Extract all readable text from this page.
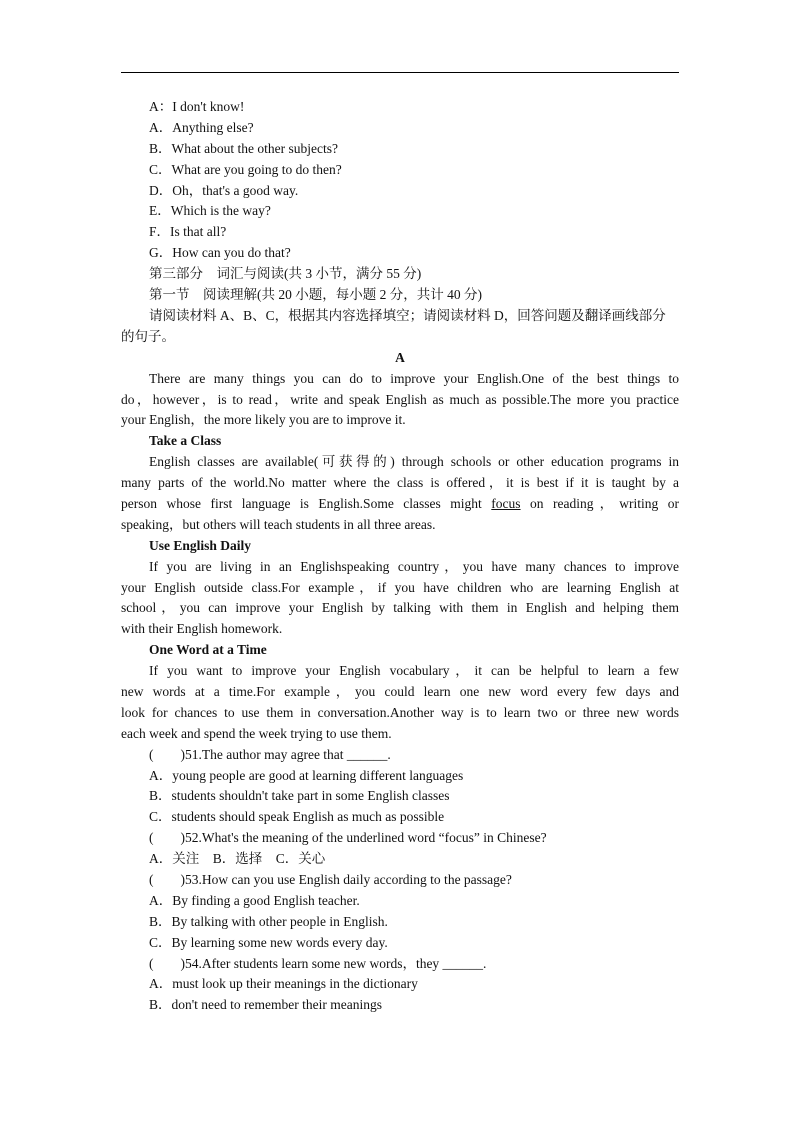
A：I don't know!
A．Anything else?
B．What about the other subjects?
C．What are you going to do then?
D．Oh，that's a good way.
E．Which is the way?
F．Is that all?
G．How can you do that?
第三部分　词汇与阅读(共 3 小节，满分 55 分)
第一节　阅读理解(共 20 小题，每小题 2 分，共计 40 分)
请阅读材料 A、B、C，根据其内容选择填空；请阅读材料 D，回答问题及翻译画线部分的句子。
A
There are many things you can do to improve your English.One of the best things to
do，however，is to read，write and speak English as much as possible.The more you practice
your English，the more likely you are to improve it.
Take a Class
English classes are available(可获得的) through schools or other education programs in
many parts of the world.No matter where the class is offered，it is best if it is taught by a
person whose first language is English.Some classes might focus on reading，writing or
speaking，but others will teach students in all three areas.
Use English Daily
If you are living in an Englishspeaking country，you have many chances to improve
your English outside class.For example，if you have children who are learning English at
school，you can improve your English by talking with them in English and helping them
with their English homework.
One Word at a Time
If you want to improve your English vocabulary，it can be helpful to learn a few
new words at a time.For example，you could learn one new word every few days and
look for chances to use them in conversation.Another way is to learn two or three new words
each week and spend the week trying to use them.
(　　)51.The author may agree that ______.
A．young people are good at learning different languages
B．students shouldn't take part in some English classes
C．students should speak English as much as possible
(　　)52.What's the meaning of the underlined word “focus” in Chinese?
A．关注　B．选择　C．关心
(　　)53.How can you use English daily according to the passage?
A．By finding a good English teacher.
B．By talking with other people in English.
C．By learning some new words every day.
(　　)54.After students learn some new words，they ______.
A．must look up their meanings in the dictionary
B．don't need to remember their meanings
